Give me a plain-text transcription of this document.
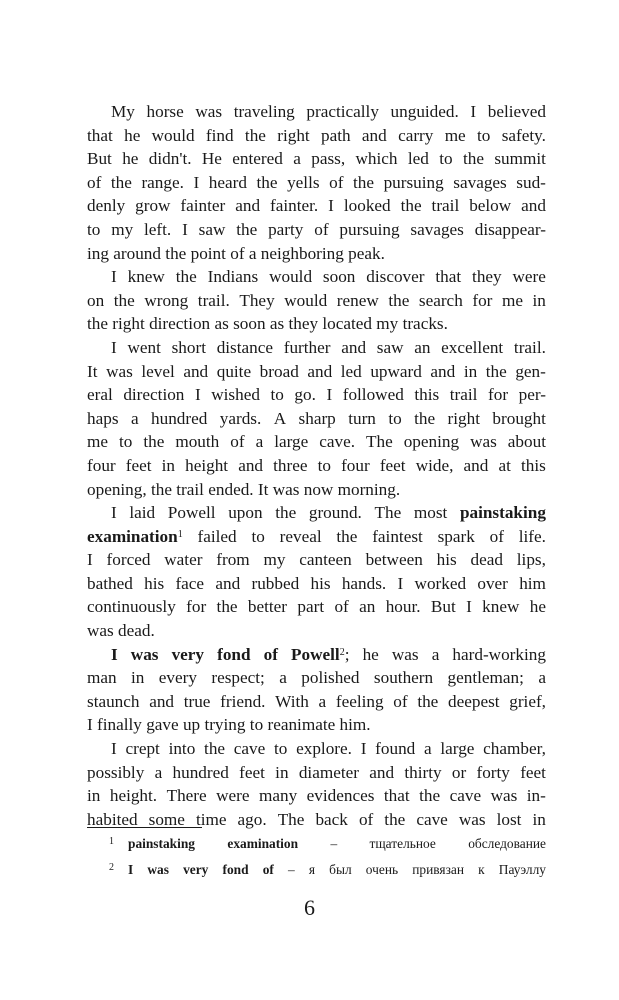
My horse was traveling practically unguided. I believed
that he would find the right path and carry me to safety.
But he didn't. He entered a pass, which led to the summit
of the range. I heard the yells of the pursuing savages sud-
denly grow fainter and fainter. I looked the trail below and
to my left. I saw the party of pursuing savages disappear-
ing around the point of a neighboring peak.
I knew the Indians would soon discover that they were
on the wrong trail. They would renew the search for me in
the right direction as soon as they located my tracks.
I went short distance further and saw an excellent trail.
It was level and quite broad and led upward and in the gen-
eral direction I wished to go. I followed this trail for per-
haps a hundred yards. A sharp turn to the right brought
me to the mouth of a large cave. The opening was about
four feet in height and three to four feet wide, and at this
opening, the trail ended. It was now morning.
I laid Powell upon the ground. The most painstaking
examination$^1$ failed to reveal the faintest spark of life.
I forced water from my canteen between his dead lips,
bathed his face and rubbed his hands. I worked over him
continuously for the better part of an hour. But I knew he
was dead.
I was very fond of Powell$^2$; he was a hard-working
man in every respect; a polished southern gentleman; a
staunch and true friend. With a feeling of the deepest grief,
I finally gave up trying to reanimate him.
I crept into the cave to explore. I found a large chamber,
possibly a hundred feet in diameter and thirty or forty feet
in height. There were many evidences that the cave was in-
habited some time ago. The back of the cave was lost in
1	painstaking examination – тщательное обследование
2	I was very fond of – я был очень привязан к Пауэллу
6
